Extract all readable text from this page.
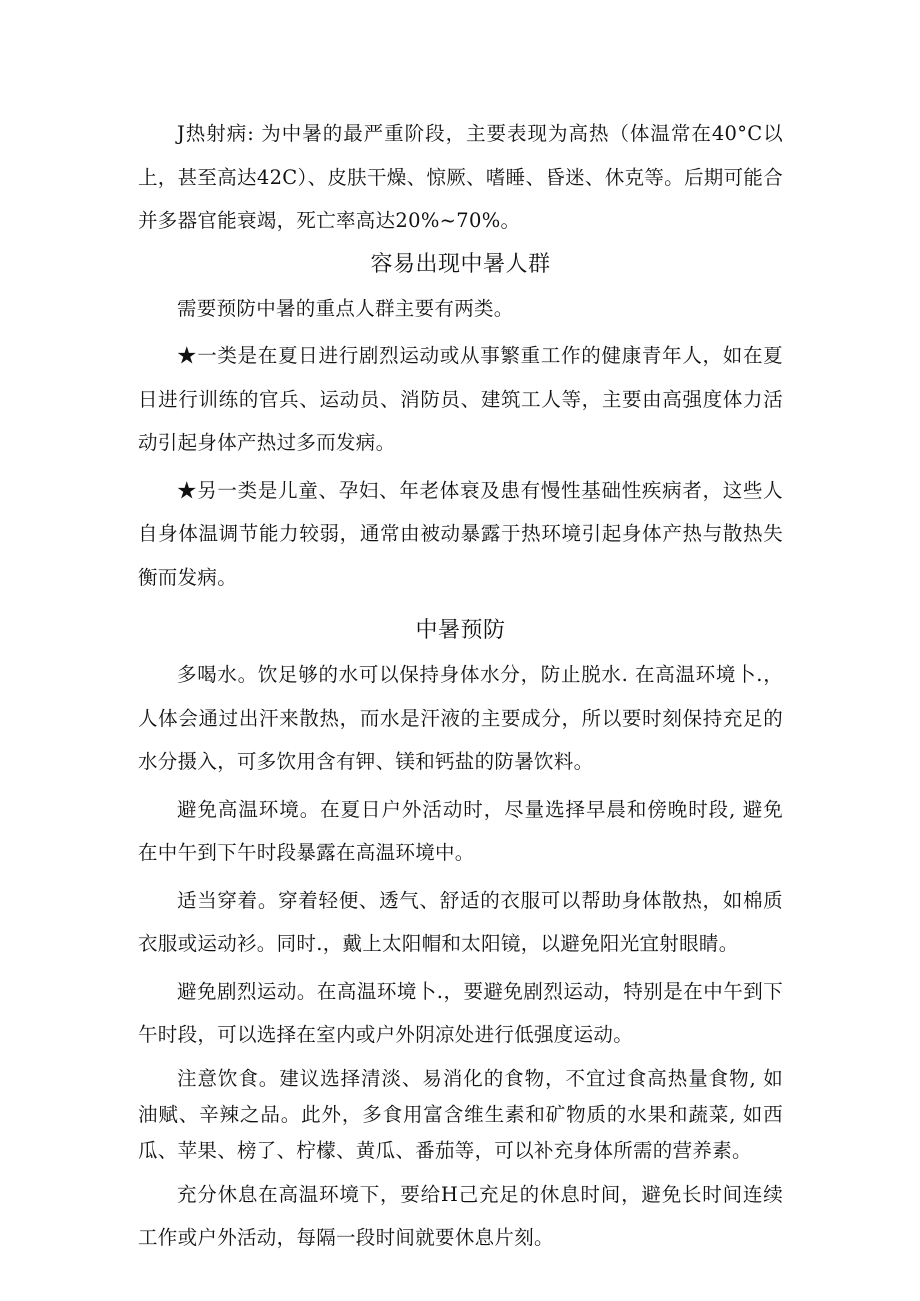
J热射病: 为中暑的最严重阶段，主要表现为高热（体温常在40°C以上，甚至高达42C）、皮肤干燥、惊厥、嗜睡、昏迷、休克等。后期可能合并多器官能衰竭，死亡率高达20%~70%。

容易出现中暑人群

需要预防中暑的重点人群主要有两类。

★一类是在夏日进行剧烈运动或从事繁重工作的健康青年人，如在夏日进行训练的官兵、运动员、消防员、建筑工人等，主要由高强度体力活动引起身体产热过多而发病。

★另一类是儿童、孕妇、年老体衰及患有慢性基础性疾病者，这些人自身体温调节能力较弱，通常由被动暴露于热环境引起身体产热与散热失衡而发病。

中暑预防

多喝水。饮足够的水可以保持身体水分，防止脱水. 在高温环境卜.，人体会通过出汗来散热，而水是汗液的主要成分，所以要时刻保持充足的水分摄入，可多饮用含有钾、镁和钙盐的防暑饮料。

避免高温环境。在夏日户外活动时，尽量选择早晨和傍晚时段, 避免在中午到下午时段暴露在高温环境中。

适当穿着。穿着轻便、透气、舒适的衣服可以帮助身体散热，如棉质衣服或运动衫。同时.，戴上太阳帽和太阳镜，以避免阳光宜射眼睛。

避免剧烈运动。在高温环境卜.，要避免剧烈运动，特别是在中午到下午时段，可以选择在室内或户外阴凉处进行低强度运动。

注意饮食。建议选择清淡、易消化的食物，不宜过食高热量食物, 如油赋、辛辣之品。此外，多食用富含维生素和矿物质的水果和蔬菜, 如西瓜、苹果、榜了、柠檬、黄瓜、番茄等，可以补充身体所需的营养素。

充分休息在高温环境下，要给H己充足的休息时间，避免长时间连续工作或户外活动，每隔一段时间就要休息片刻。
